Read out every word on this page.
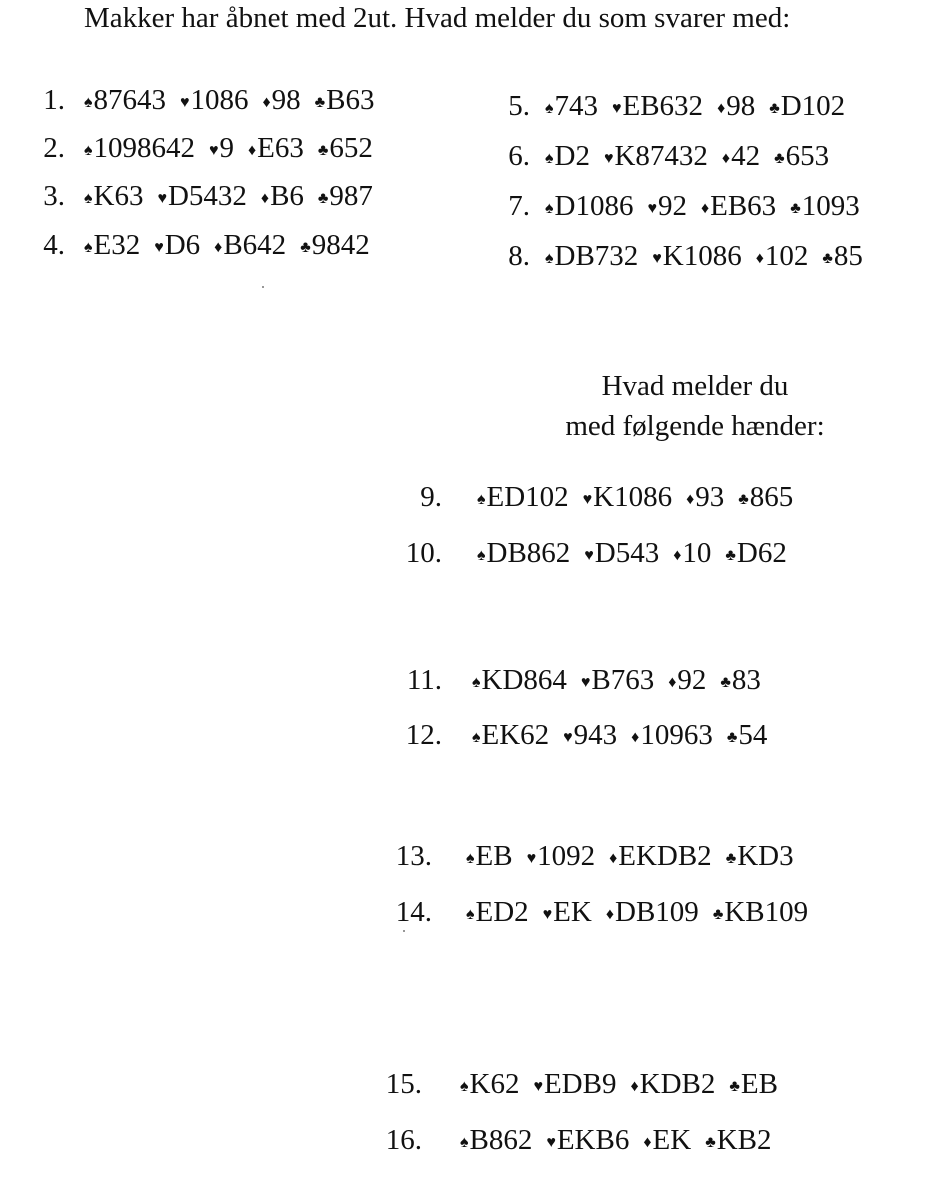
Makker har åbnet med 2ut. Hvad melder du som svarer med:
Hvad melder du
med følgende hænder:
1. ♠87643 ♥1086 ♦98 ♣B63
2. ♠1098642 ♥9 ♦E63 ♣652
3. ♠K63 ♥D5432 ♦B6 ♣987
4. ♠E32 ♥D6 ♦B642 ♣9842
5. ♠743 ♥EB632 ♦98 ♣D102
6. ♠D2 ♥K87432 ♦42 ♣653
7. ♠D1086 ♥92 ♦EB63 ♣1093
8. ♠DB732 ♥K1086 ♦102 ♣85
9. ♠ED102 ♥K1086 ♦93 ♣865
10. ♠DB862 ♥D543 ♦10 ♣D62
11. ♠KD864 ♥B763 ♦92 ♣83
12. ♠EK62 ♥943 ♦10963 ♣54
13. ♠EB ♥1092 ♦EKDB2 ♣KD3
14. ♠ED2 ♥EK ♦DB109 ♣KB109
15. ♠K62 ♥EDB9 ♦KDB2 ♣EB
16. ♠B862 ♥EKB6 ♦EK ♣KB2
